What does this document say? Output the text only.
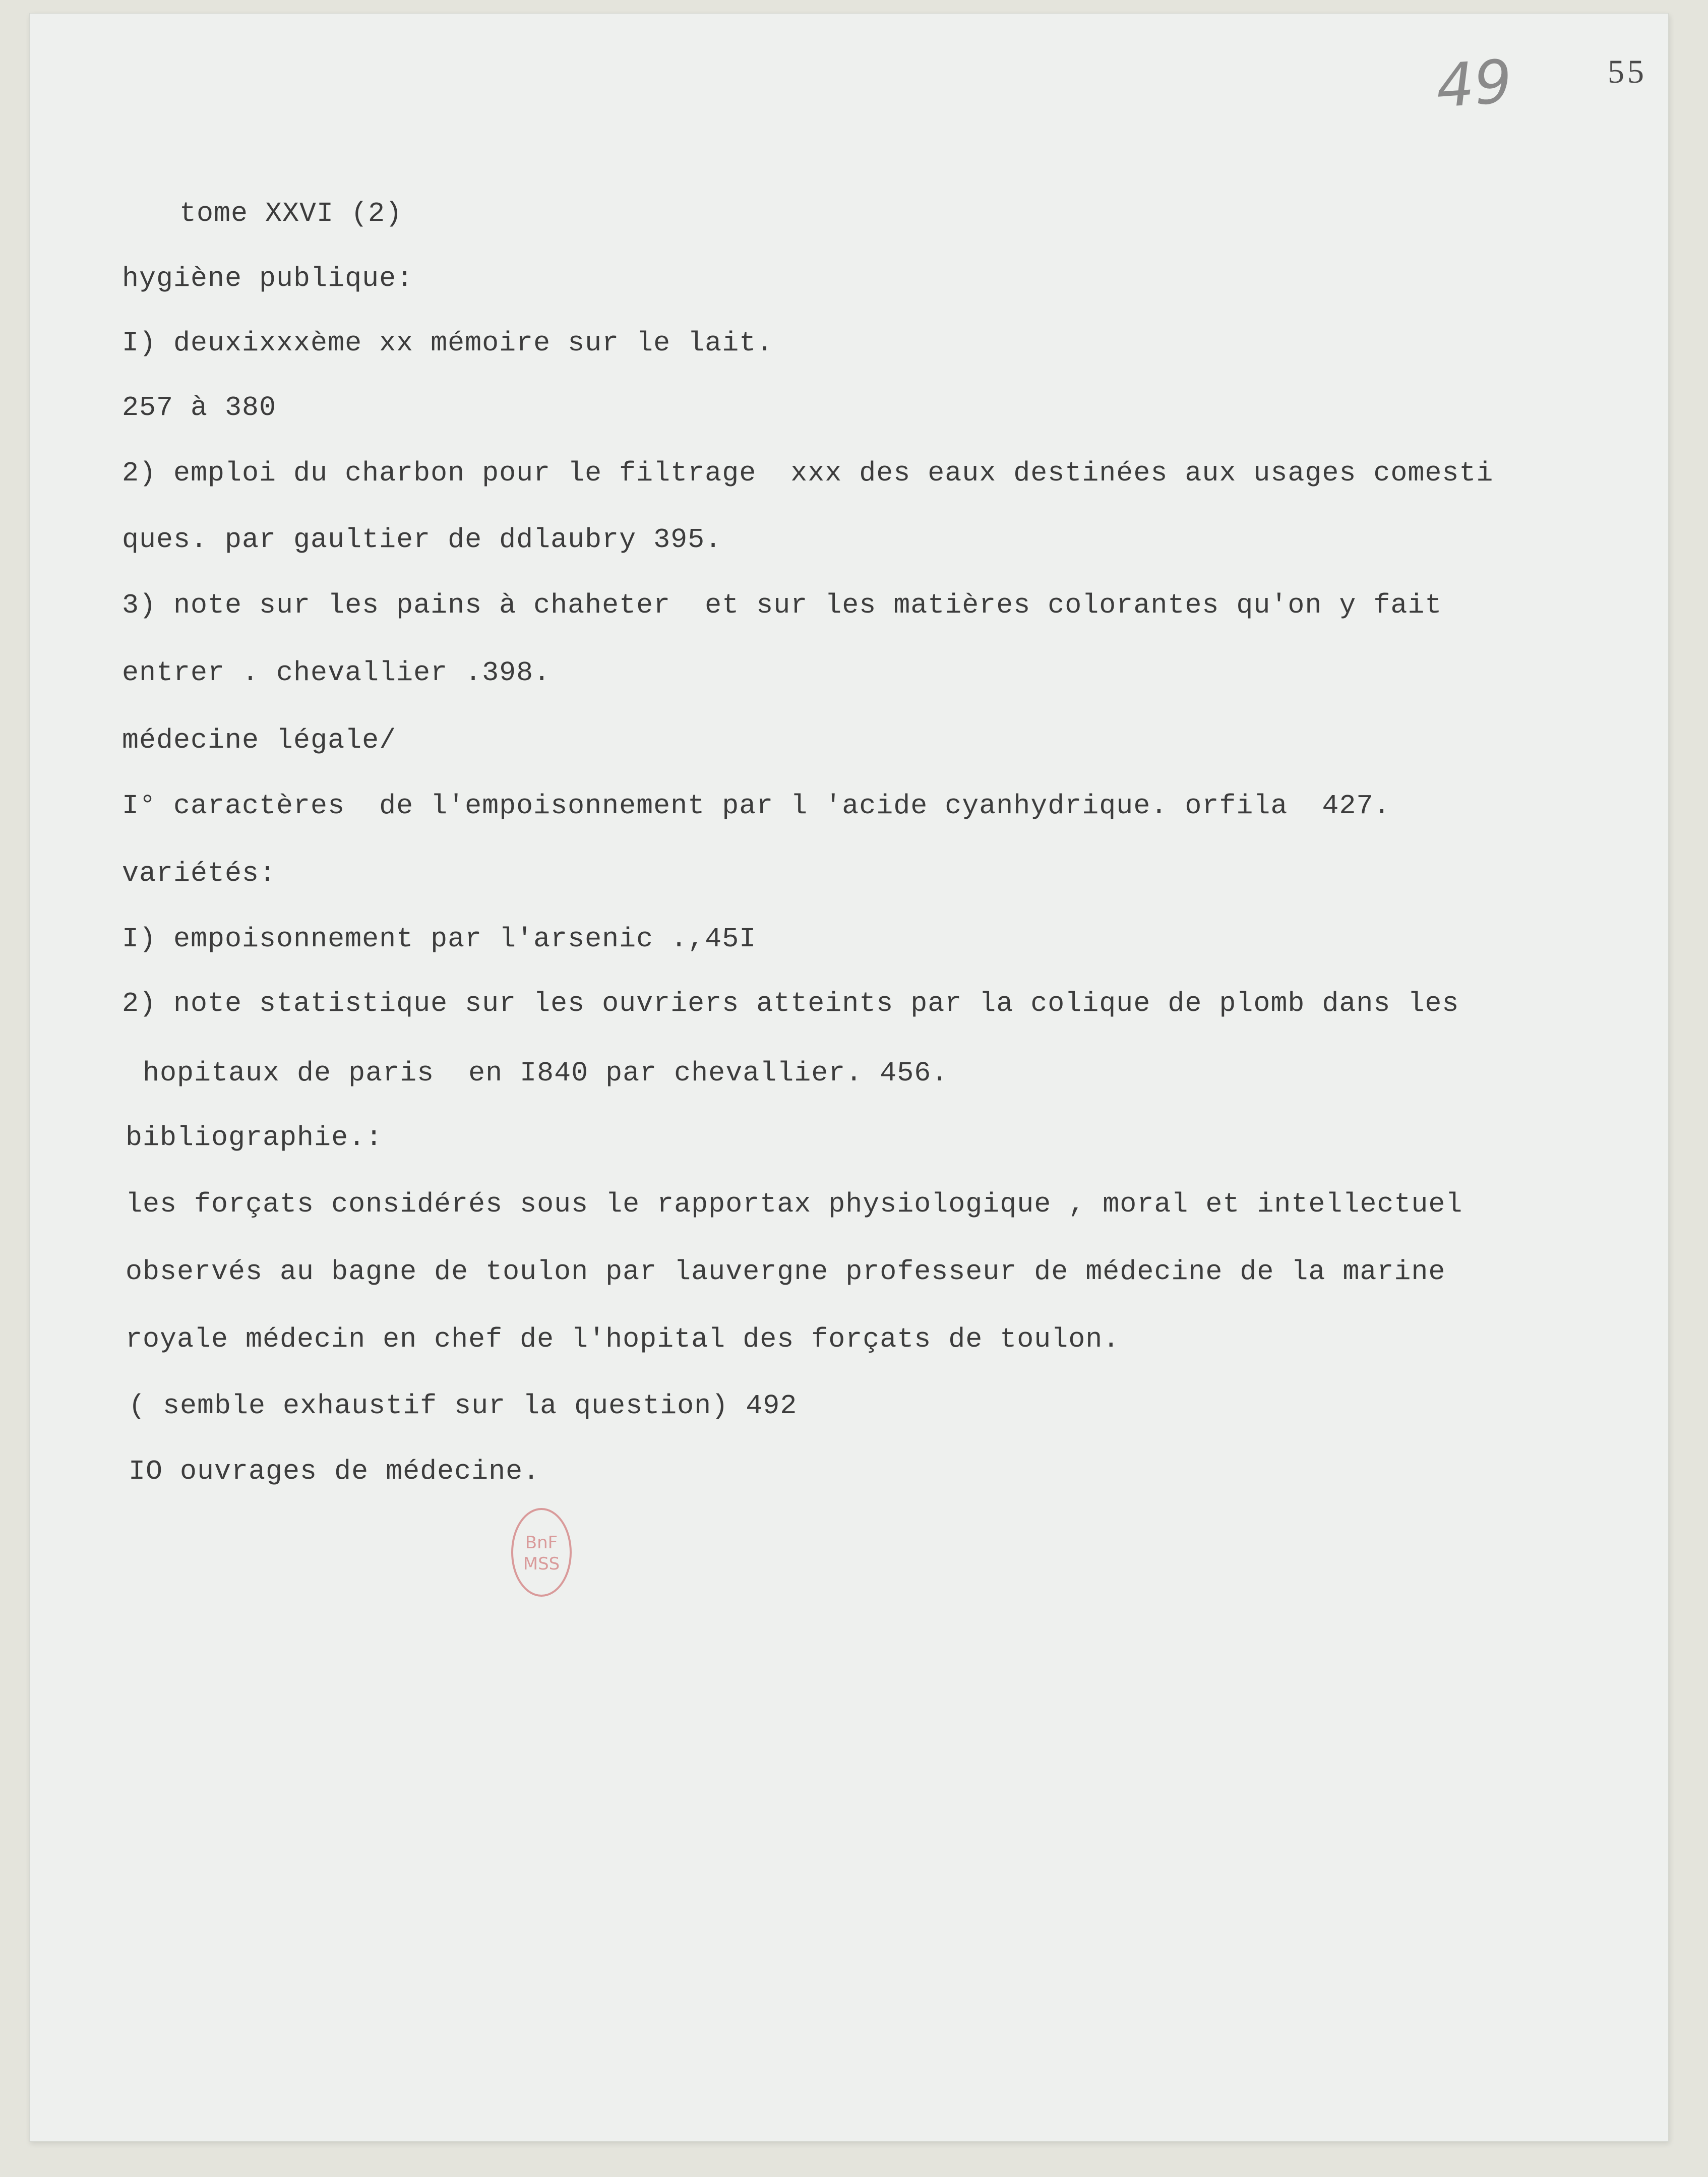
55
49
tome XXVI (2)
hygiène publique:
I) deuxixxxème xx mémoire sur le lait.
257 à 380
2) emploi du charbon pour le filtrage  xxx des eaux destinées aux usages comesti
ques. par gaultier de ddlaubry 395.
3) note sur les pains à chaheter  et sur les matières colorantes qu'on y fait
entrer . chevallier .398.
médecine légale/
I° caractères  de l'empoisonnement par l 'acide cyanhydrique. orfila  427.
variétés:
I) empoisonnement par l'arsenic .,45I
2) note statistique sur les ouvriers atteints par la colique de plomb dans les
hopitaux de paris  en I840 par chevallier. 456.
bibliographie.:
les forçats considérés sous le rapportax physiologique , moral et intellectuel
observés au bagne de toulon par lauvergne professeur de médecine de la marine
royale médecin en chef de l'hopital des forçats de toulon.
( semble exhaustif sur la question) 492
IO ouvrages de médecine.
BnF
MSS
